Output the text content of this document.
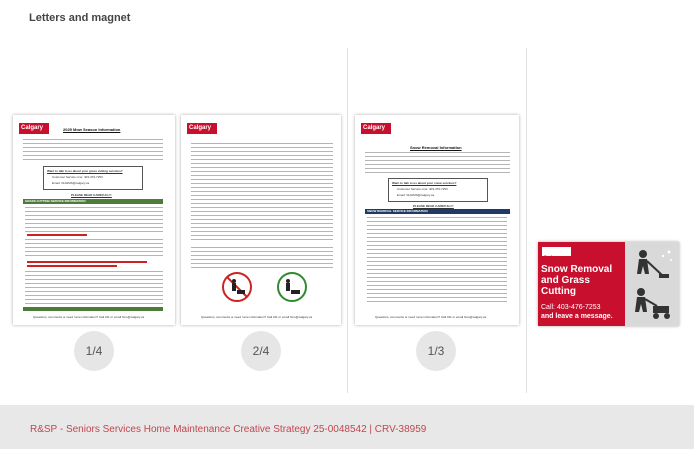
Letters and magnet
Calgary	2025 Mow Season Information
Want to talk to us about your grass cutting services?
Customer Service Line: 403-476-7253
Email: 311HMS@calgary.ca
PLEASE READ CAREFULLY:
GRASS CUTTING SERVICE INFORMATION
Questions, comments or need more information? Call 311 or email hms@calgary.ca
Calgary
Questions, comments or need more information? Call 311 or email hms@calgary.ca
Calgary
Snow Removal Information
Want to talk to us about your snow services?
Customer Service Line: 403-476-7253
Email: 311HMS@calgary.ca
PLEASE READ CAREFULLY:
SNOW REMOVAL SERVICE INFORMATION
Questions, comments or need more information? Call 311 or email hms@calgary.ca
1/4	2/4	1/3
Calgary
Snow Removal and Grass Cutting
Call: 403-476-7253
and leave a message.
R&SP - Seniors Services Home Maintenance Creative Strategy 25-0048542 | CRV-38959
